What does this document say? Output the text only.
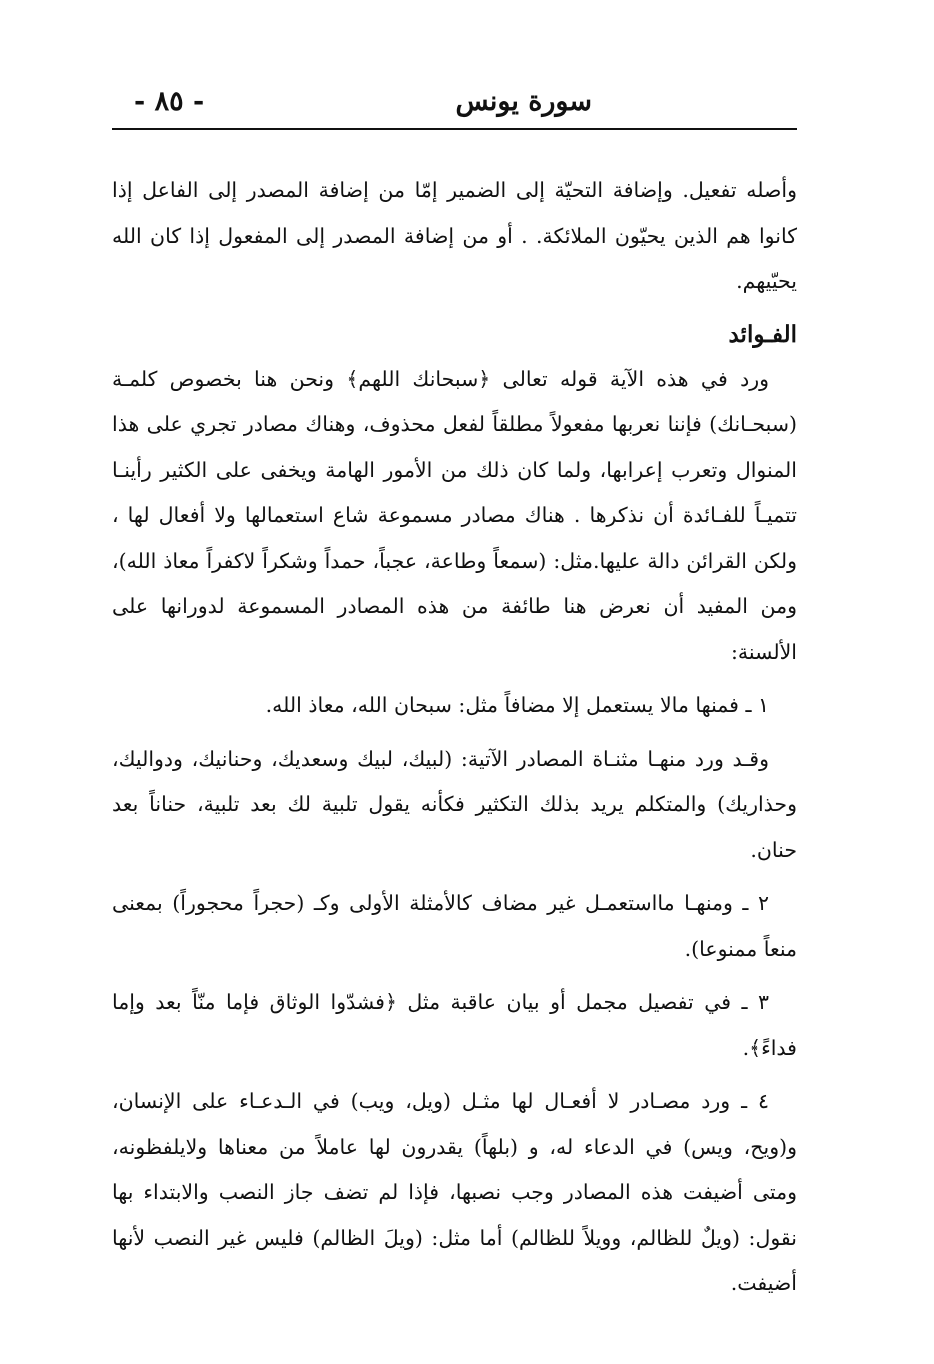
سورة يونس
- ٨٥ -

وأصله تفعيل. وإضافة التحيّة إلى الضمير إمّا من إضافة المصدر إلى الفاعل إذا كانوا هم الذين يحيّون الملائكة. . أو من إضافة المصدر إلى المفعول إذا كان الله يحيّيهم.

الفـوائد

ورد في هذه الآية قوله تعالى ﴿سبحانك اللهم﴾ ونحن هنا بخصوص كلمـة (سبحـانك) فإننا نعربها مفعولاً مطلقاً لفعل محذوف، وهناك مصادر تجري على هذا المنوال وتعرب إعرابها، ولما كان ذلك من الأمور الهامة ويخفى على الكثير رأينـا تتميـاً للفـائدة أن نذكرها . هناك مصادر مسموعة شاع استعمالها ولا أفعال لها ، ولكن القرائن دالة عليها.مثل: (سمعاً وطاعة، عجباً، حمداً وشكراً لاكفراً معاذ الله)، ومن المفيد أن نعرض هنا طائفة من هذه المصادر المسموعة لدورانها على الألسنة:

١ ـ فمنها مالا يستعمل إلا مضافاً مثل: سبحان الله، معاذ الله.

وقـد ورد منهـا مثنـاة المصادر الآتية: (لبيك، لبيك وسعديك، وحنانيك، ودواليك، وحذاريك) والمتكلم يريد بذلك التكثير فكأنه يقول تلبية لك بعد تلبية، حناناً بعد حنان.

٢ ـ ومنهـا مااستعمـل غير مضاف كالأمثلة الأولى وكـ (حجراً محجوراً) بمعنى منعاً ممنوعا).

٣ ـ في تفصيل مجمل أو بيان عاقبة مثل ﴿فشدّوا الوثاق فإما منّاً بعد وإما فداءً﴾.

٤ ـ ورد مصـادر لا أفعـال لها مثـل (ويل، ويب) في الـدعـاء على الإنسان، و(ويح، ويس) في الدعاء له، و (بلهاً) يقدرون لها عاملاً من معناها ولايلفظونه، ومتى أضيفت هذه المصادر وجب نصبها، فإذا لم تضف جاز النصب والابتداء بها نقول: (ويلٌ للظالم، وويلاً للظالم) أما مثل: (ويلَ الظالم) فليس غير النصب لأنها أضيفت.
